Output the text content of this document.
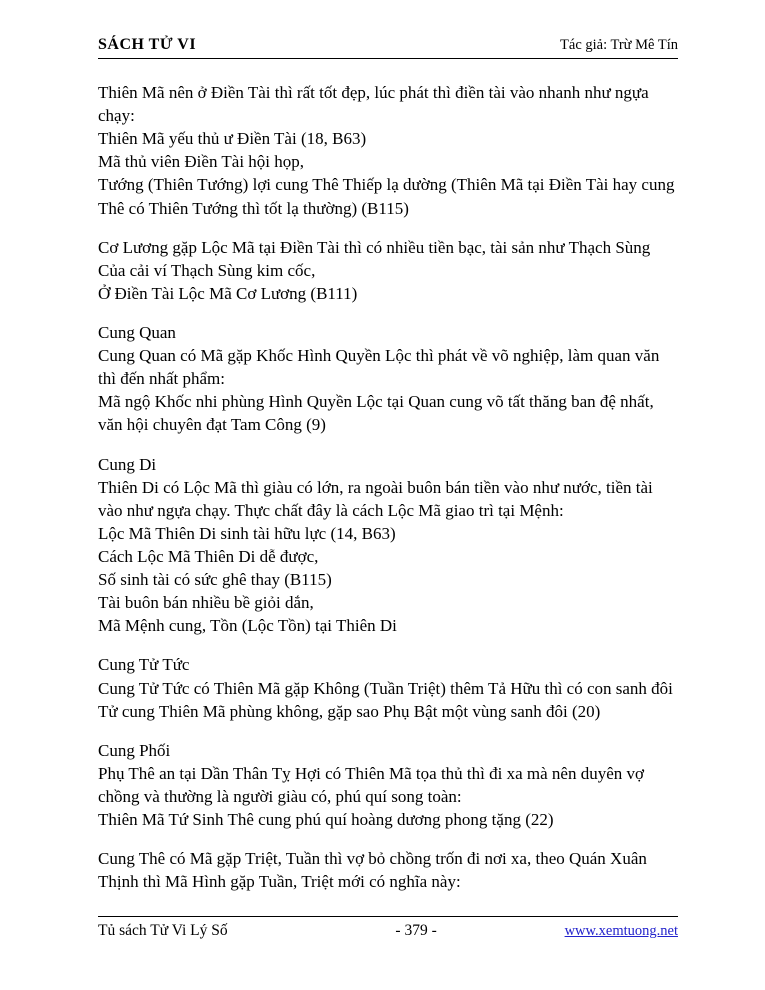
SÁCH TỬ VI	Tác giả: Trừ Mê Tín

Thiên Mã nên ở Điền Tài thì rất tốt đẹp, lúc phát thì điền tài vào nhanh như ngựa chạy:

Thiên Mã yếu thủ ư Điền Tài (18, B63)

Mã thủ viên Điền Tài hội họp,

Tướng (Thiên Tướng) lợi cung Thê Thiếp lạ dường (Thiên Mã tại Điền Tài hay cung Thê có Thiên Tướng thì tốt lạ thường) (B115)

Cơ Lương gặp Lộc Mã tại Điền Tài thì có nhiều tiền bạc, tài sản như Thạch Sùng

Của cải ví Thạch Sùng kim cốc,

Ở Điền Tài Lộc Mã Cơ Lương (B111)

Cung Quan

Cung Quan có Mã gặp Khốc Hình Quyền Lộc thì phát về võ nghiệp, làm quan văn thì đến nhất phẩm:

Mã ngộ Khốc nhi phùng Hình Quyền Lộc tại Quan cung võ tất thăng ban đệ nhất, văn hội chuyên đạt Tam Công (9)

Cung Di

Thiên Di có Lộc Mã thì giàu có lớn, ra ngoài buôn bán tiền vào như nước, tiền tài vào như ngựa chạy. Thực chất đây là cách Lộc Mã giao trì tại Mệnh:

Lộc Mã Thiên Di sinh tài hữu lực (14, B63)

Cách Lộc Mã Thiên Di dễ được,

Số sinh tài có sức ghê thay (B115)

Tài buôn bán nhiều bề giỏi dắn,

Mã Mệnh cung, Tồn (Lộc Tồn) tại Thiên Di

Cung Tử Tức

Cung Tử Tức có Thiên Mã gặp Không (Tuần Triệt) thêm Tả Hữu thì có con sanh đôi

Tử cung Thiên Mã phùng không, gặp sao Phụ Bật một vùng sanh đôi (20)

Cung Phối

Phụ Thê an tại Dần Thân Tỵ Hợi có Thiên Mã tọa thủ thì đi xa mà nên duyên vợ chồng và thường là người giàu có, phú quí song toàn:

Thiên Mã Tứ Sinh Thê cung phú quí hoàng dương phong tặng (22)

Cung Thê có Mã gặp Triệt, Tuần thì vợ bỏ chồng trốn đi nơi xa, theo Quán Xuân Thịnh thì Mã Hình gặp Tuần, Triệt mới có nghĩa này:

Tủ sách Tử Vi Lý Số	- 379 -	www.xemtuong.net
